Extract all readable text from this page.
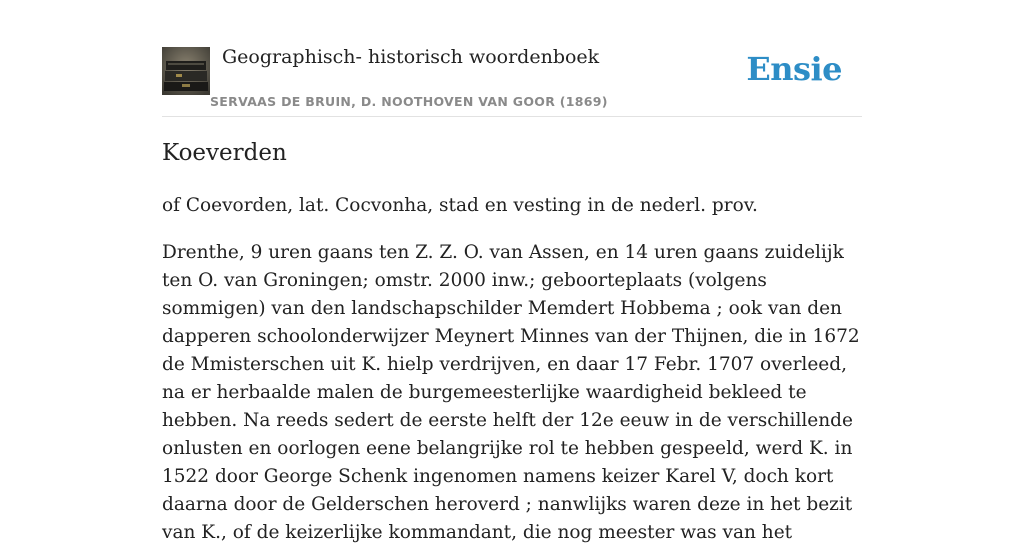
Geographisch- historisch woordenboek
SERVAAS DE BRUIN, D. NOOTHOVEN VAN GOOR (1869)
Ensie
Koeverden

of Coevorden, lat. Cocvonha, stad en vesting in de nederl. prov.

Drenthe, 9 uren gaans ten Z. Z. O. van Assen, en 14 uren gaans zuidelijk ten O. van Groningen; omstr. 2000 inw.; geboorteplaats (volgens sommigen) van den landschapschilder Memdert Hobbema ; ook van den dapperen schoolonderwijzer Meynert Minnes van der Thijnen, die in 1672 de Mmisterschen uit K. hielp verdrijven, en daar 17 Febr. 1707 overleed, na er herbaalde malen de burgemeesterlijke waardigheid bekleed te hebben. Na reeds sedert de eerste helft der 12e eeuw in de verschillende onlusten en oorlogen eene belangrijke rol te hebben gespeeld, werd K. in 1522 door George Schenk ingenomen namens keizer Karel V, doch kort daarna door de Gelderschen heroverd ; nanwlijks waren deze in het bezit van K., of de keizerlijke kommandant, die nog meester was van het
